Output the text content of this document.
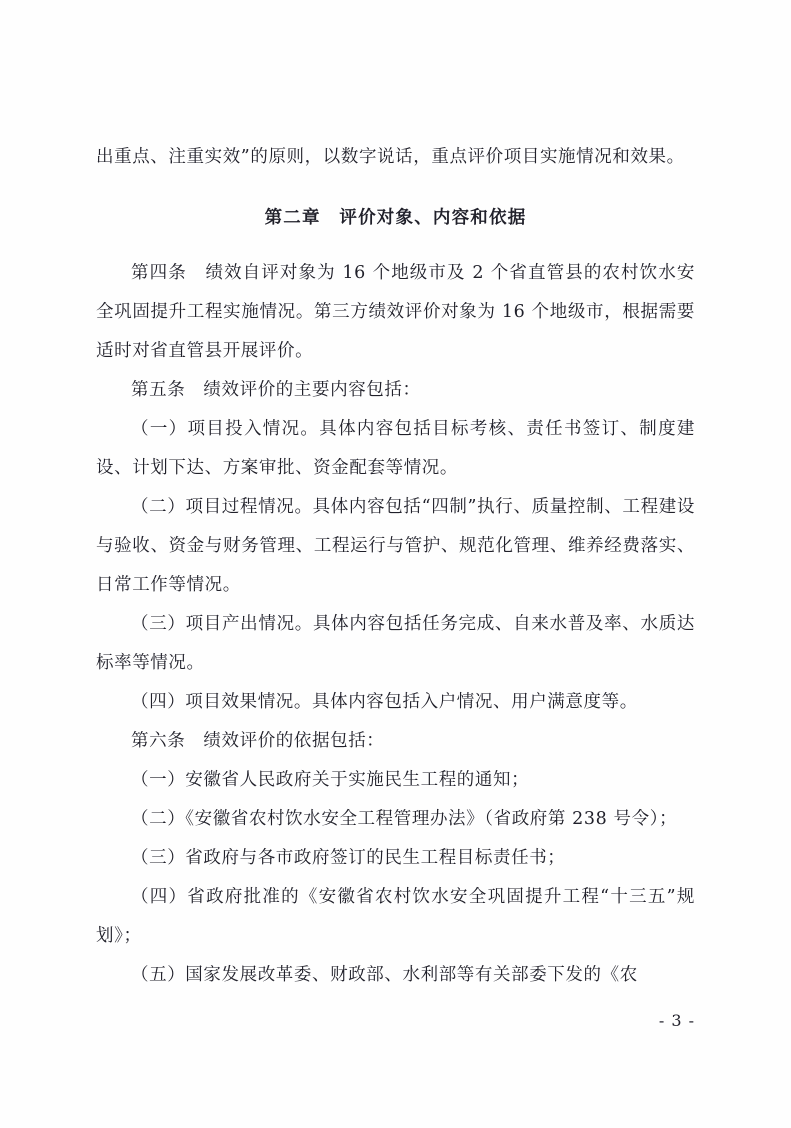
出重点、注重实效”的原则，以数字说话，重点评价项目实施情况和效果。

第二章　评价对象、内容和依据

第四条　绩效自评对象为 16 个地级市及 2 个省直管县的农村饮水安全巩固提升工程实施情况。第三方绩效评价对象为 16 个地级市，根据需要适时对省直管县开展评价。

第五条　绩效评价的主要内容包括：

（一）项目投入情况。具体内容包括目标考核、责任书签订、制度建设、计划下达、方案审批、资金配套等情况。

（二）项目过程情况。具体内容包括“四制”执行、质量控制、工程建设与验收、资金与财务管理、工程运行与管护、规范化管理、维养经费落实、日常工作等情况。

（三）项目产出情况。具体内容包括任务完成、自来水普及率、水质达标率等情况。

（四）项目效果情况。具体内容包括入户情况、用户满意度等。

第六条　绩效评价的依据包括：

（一）安徽省人民政府关于实施民生工程的通知；

（二）《安徽省农村饮水安全工程管理办法》（省政府第 238 号令）；

（三）省政府与各市政府签订的民生工程目标责任书；

（四）省政府批准的《安徽省农村饮水安全巩固提升工程“十三五”规划》；

（五）国家发展改革委、财政部、水利部等有关部委下发的《农

- 3 -
